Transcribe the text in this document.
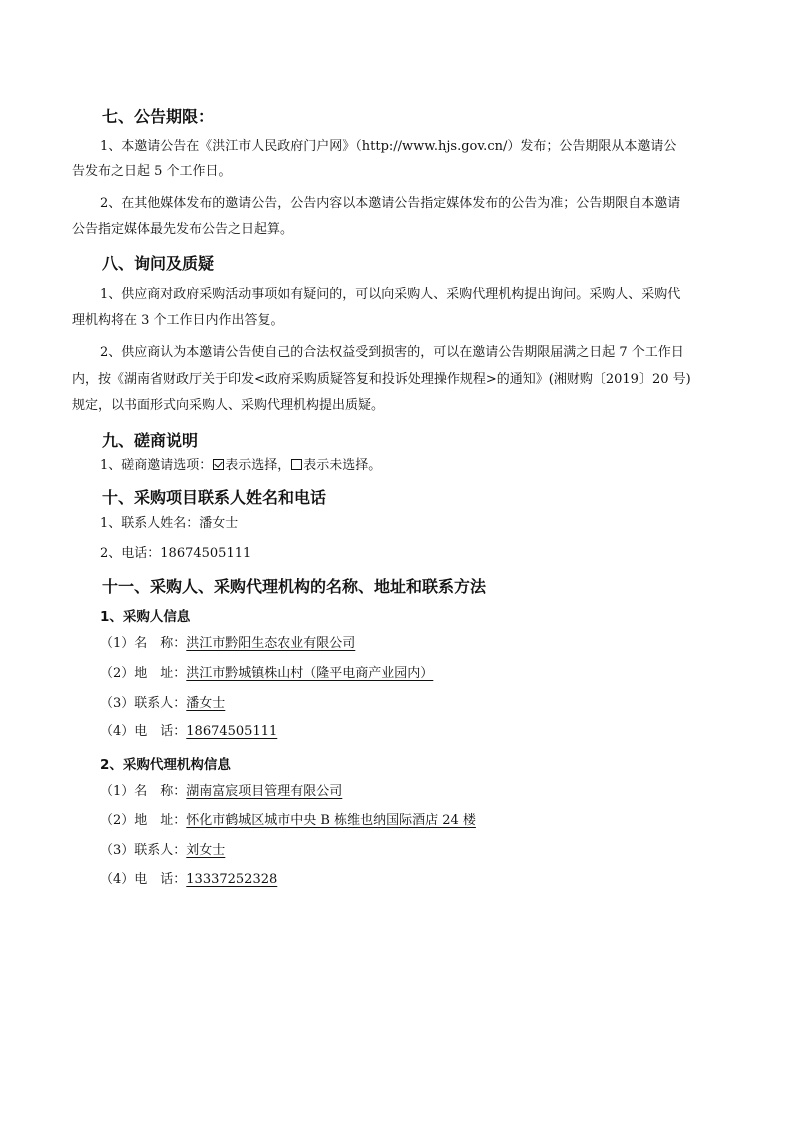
七、公告期限：
1、本邀请公告在《洪江市人民政府门户网》（http://www.hjs.gov.cn/）发布；公告期限从本邀请公
告发布之日起 5 个工作日。
2、在其他媒体发布的邀请公告，公告内容以本邀请公告指定媒体发布的公告为准；公告期限自本邀请
公告指定媒体最先发布公告之日起算。
八、询问及质疑
1、供应商对政府采购活动事项如有疑问的，可以向采购人、采购代理机构提出询问。采购人、采购代
理机构将在 3 个工作日内作出答复。
2、供应商认为本邀请公告使自己的合法权益受到损害的，可以在邀请公告期限届满之日起 7 个工作日
内，按《湖南省财政厅关于印发<政府采购质疑答复和投诉处理操作规程>的通知》(湘财购〔2019〕20 号)
规定，以书面形式向采购人、采购代理机构提出质疑。
九、磋商说明
1、磋商邀请选项： 表示选择， 表示未选择。
十、采购项目联系人姓名和电话
1、联系人姓名：潘女士
2、电话：18674505111
十一、采购人、采购代理机构的名称、地址和联系方法
1、采购人信息
（1）名　称：洪江市黔阳生态农业有限公司
（2）地　址：洪江市黔城镇株山村（隆平电商产业园内）
（3）联系人：潘女士
（4）电　话：18674505111
2、采购代理机构信息
（1）名　称：湖南富宸项目管理有限公司
（2）地　址：怀化市鹤城区城市中央 B 栋维也纳国际酒店 24 楼
（3）联系人：刘女士
（4）电　话：13337252328
